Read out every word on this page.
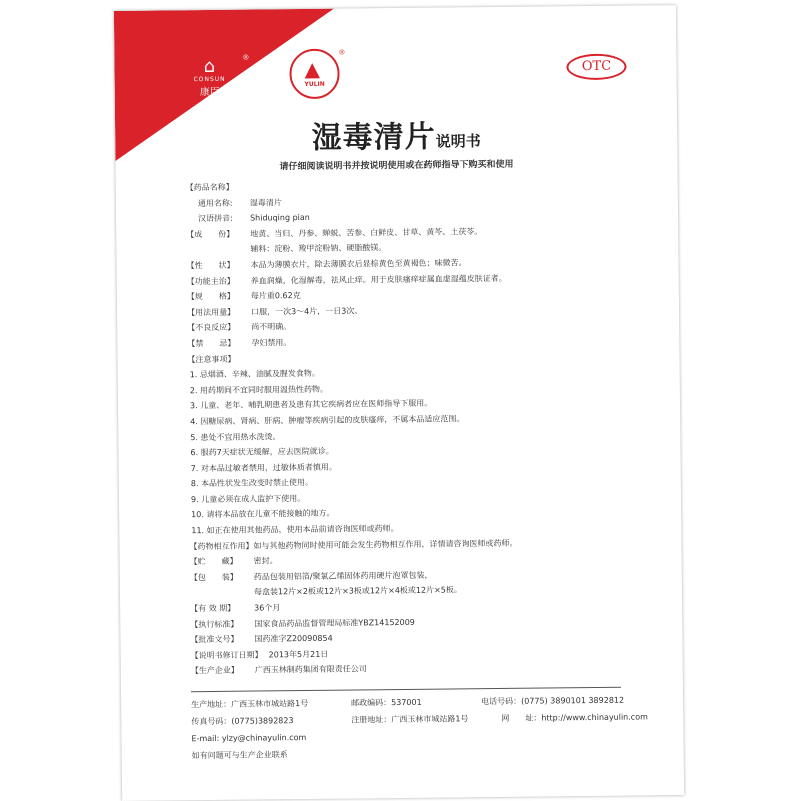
⌂
CONSUN
康臣
®	▲
YULIN
®
OTC
湿毒清片说明书
请仔细阅读说明书并按说明使用或在药师指导下购买和使用
【药品名称】
通用名称:	湿毒清片
汉语拼音:	Shiduqing pian
【成　　份】	地黄、当归、丹参、蝉蜕、苦参、白鲜皮、甘草、黄芩、土茯苓。
辅料：淀粉、羧甲淀粉钠、硬脂酸镁。
【性　　状】	本品为薄膜衣片，除去薄膜衣后显棕黄色至黄褐色；味微苦。
【功能主治】	养血润燥，化湿解毒，祛风止痒。用于皮肤瘙痒症属血虚湿蕴皮肤证者。
【规　　格】	每片重0.62克
【用法用量】	口服，一次3～4片，一日3次。
【不良反应】	尚不明确。
【禁　　忌】	孕妇禁用。
【注意事项】
1. 忌烟酒、辛辣、油腻及腥发食物。
2. 用药期间不宜同时服用温热性药物。
3. 儿童、老年、哺乳期患者及患有其它疾病者应在医师指导下服用。
4. 因糖尿病、肾病、肝病、肿瘤等疾病引起的皮肤瘙痒，不属本品适应范围。
5. 患处不宜用热水洗烫。
6. 服药7天症状无缓解，应去医院就诊。
7. 对本品过敏者禁用，过敏体质者慎用。
8. 本品性状发生改变时禁止使用。
9. 儿童必须在成人监护下使用。
10. 请将本品放在儿童不能接触的地方。
11. 如正在使用其他药品，使用本品前请咨询医师或药师。
【药物相互作用】 如与其他药物同时使用可能会发生药物相互作用，详情请咨询医师或药师。
【贮　　藏】	密封。
【包　　装】	药品包装用铝箔/聚氯乙烯固体药用硬片泡罩包装，
每盒装12片×2板或12片×3板或12片×4板或12片×5板。
【有 效 期】	36个月
【执行标准】	国家食品药品监督管理局标准YBZ14152009
【批准文号】	国药准字Z20090854
【说明书修订日期】 2013年5月21日
【生产企业】	广西玉林制药集团有限责任公司
生产地址：广西玉林市城站路1号	邮政编码：537001	电话号码：(0775) 3890101 3892812
传真号码：(0775)3892823	注册地址：广西玉林市城站路1号	网　　址：http://www.chinayulin.com
E-mail: ylzy@chinayulin.com
如有问题可与生产企业联系
